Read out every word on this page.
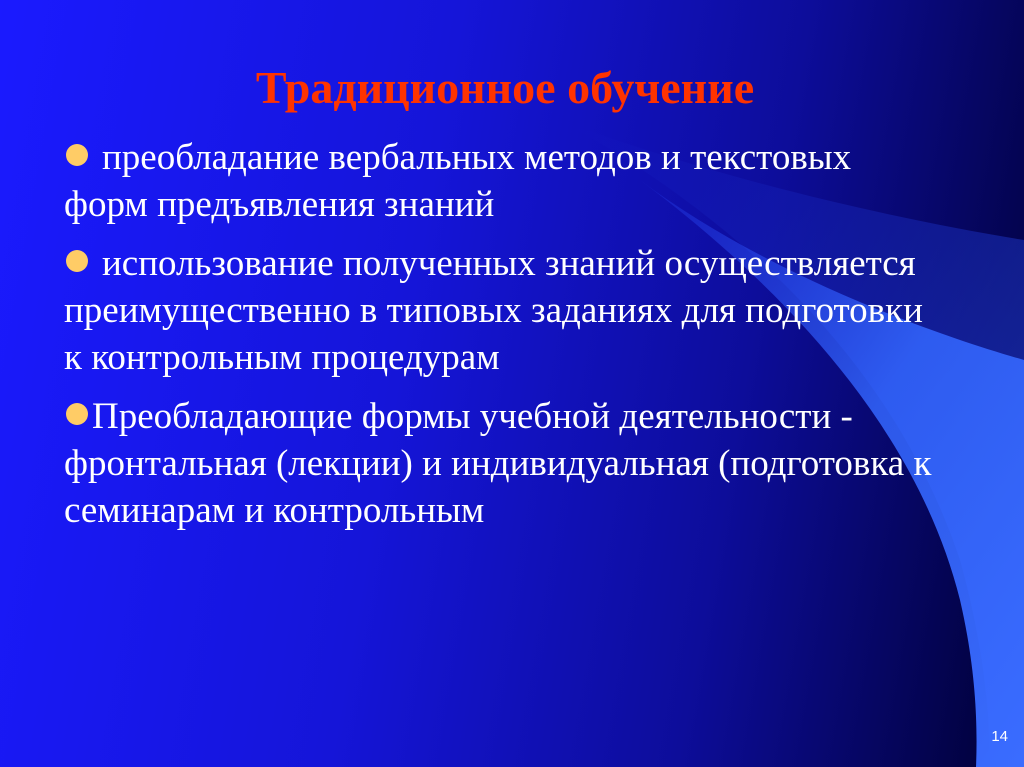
Традиционное обучение
преобладание вербальных методов и текстовых форм предъявления знаний
использование полученных знаний осуществляется преимущественно в типовых заданиях для подготовки к контрольным процедурам
Преобладающие формы учебной деятельности - фронтальная (лекции) и индивидуальная (подготовка к семинарам и контрольным
14
